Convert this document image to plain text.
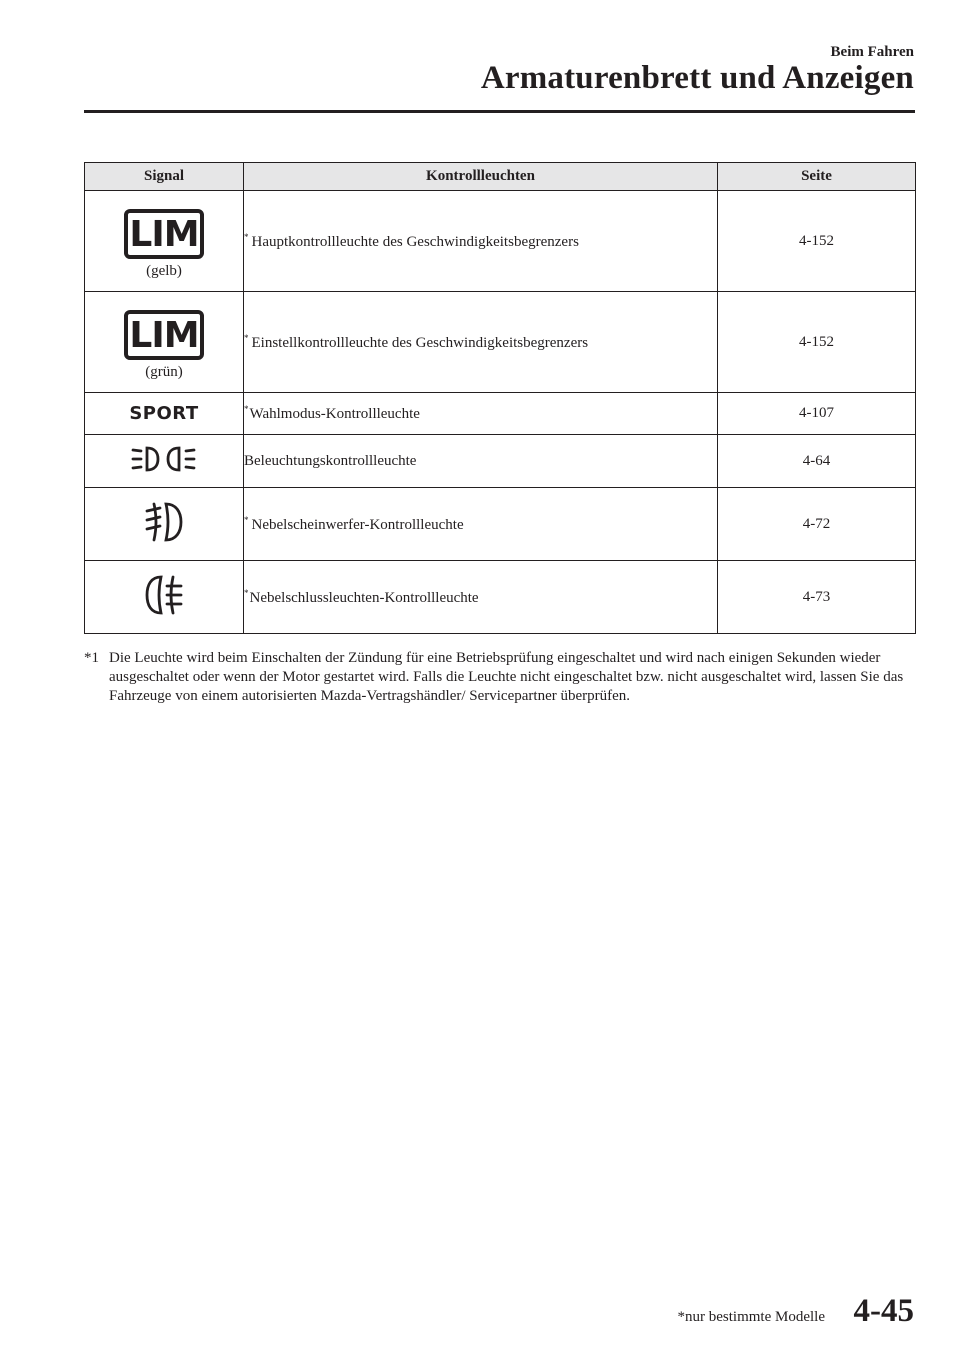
Beim Fahren
Armaturenbrett und Anzeigen
Signal	Kontrollleuchten	Seite

LIM
(gelb)	* Hauptkontrollleuchte des Geschwindigkeitsbegrenzers	4-152

LIM
(grün)	* Einstellkontrollleuchte des Geschwindigkeitsbegrenzers	4-152
SPORT	*Wahlmodus-Kontrollleuchte	4-107
	Beleuchtungskontrollleuchte	4-64
	* Nebelscheinwerfer-Kontrollleuchte	4-72
	*Nebelschlussleuchten-Kontrollleuchte	4-73
*1 Die Leuchte wird beim Einschalten der Zündung für eine Betriebsprüfung eingeschaltet und wird nach einigen Sekunden wieder ausgeschaltet oder wenn der Motor gestartet wird. Falls die Leuchte nicht eingeschaltet bzw. nicht ausgeschaltet wird, lassen Sie das Fahrzeuge von einem autorisierten Mazda-Vertragshändler/ Servicepartner überprüfen.
*nur bestimmte Modelle 4-45
